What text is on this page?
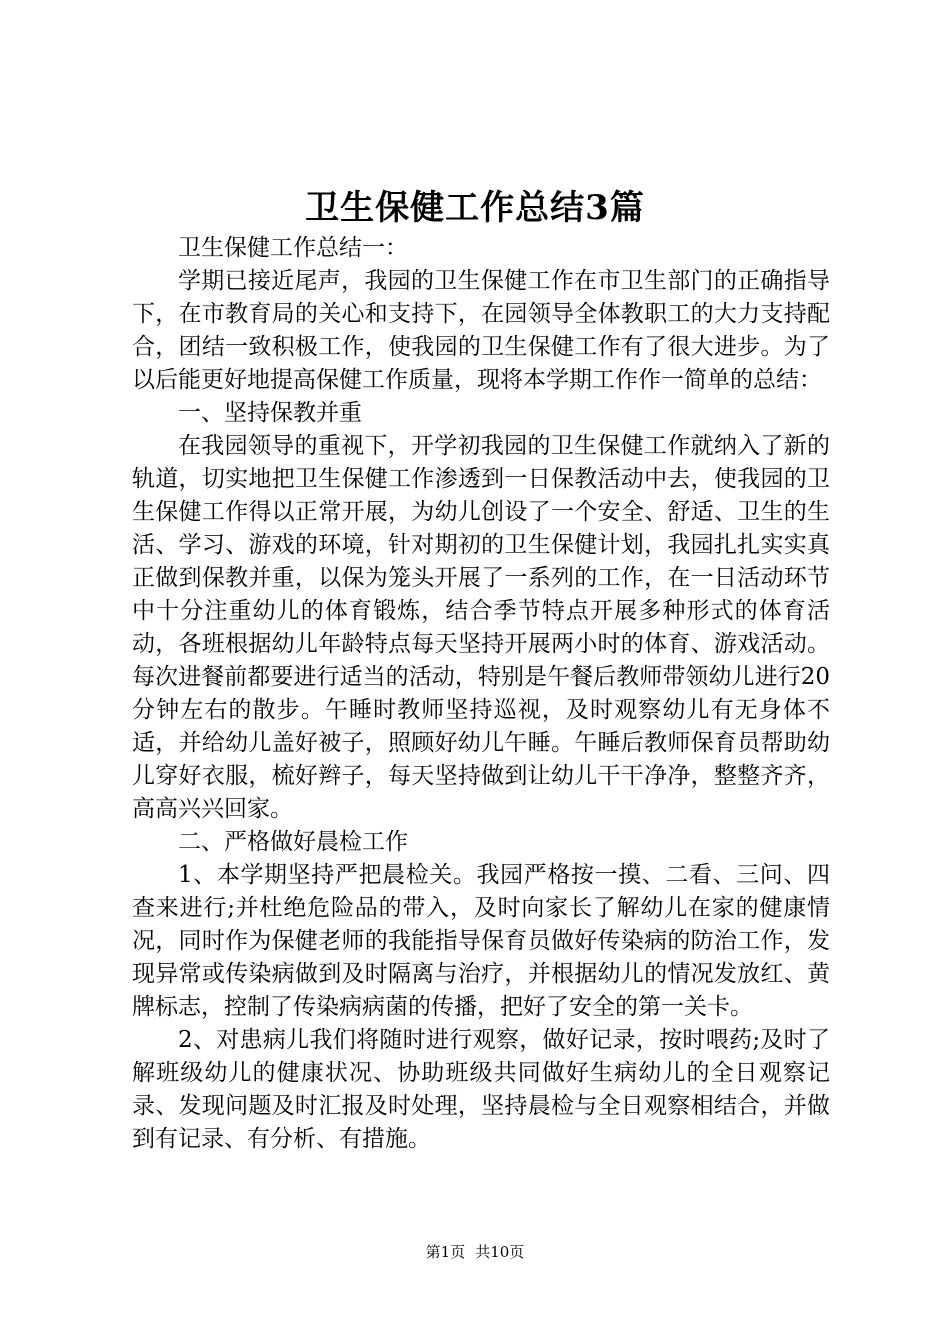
卫生保健工作总结3篇

卫生保健工作总结一：

学期已接近尾声，我园的卫生保健工作在市卫生部门的正确指导下，在市教育局的关心和支持下，在园领导全体教职工的大力支持配合，团结一致积极工作，使我园的卫生保健工作有了很大进步。为了以后能更好地提高保健工作质量，现将本学期工作作一简单的总结：

一、坚持保教并重

在我园领导的重视下，开学初我园的卫生保健工作就纳入了新的轨道，切实地把卫生保健工作渗透到一日保教活动中去，使我园的卫生保健工作得以正常开展，为幼儿创设了一个安全、舒适、卫生的生活、学习、游戏的环境，针对期初的卫生保健计划，我园扎扎实实真正做到保教并重，以保为笼头开展了一系列的工作，在一日活动环节中十分注重幼儿的体育锻炼，结合季节特点开展多种形式的体育活动，各班根据幼儿年龄特点每天坚持开展两小时的体育、游戏活动。每次进餐前都要进行适当的活动，特别是午餐后教师带领幼儿进行20分钟左右的散步。午睡时教师坚持巡视，及时观察幼儿有无身体不适，并给幼儿盖好被子，照顾好幼儿午睡。午睡后教师保育员帮助幼儿穿好衣服，梳好辫子，每天坚持做到让幼儿干干净净，整整齐齐，高高兴兴回家。

二、严格做好晨检工作

1、本学期坚持严把晨检关。我园严格按一摸、二看、三问、四查来进行;并杜绝危险品的带入，及时向家长了解幼儿在家的健康情况，同时作为保健老师的我能指导保育员做好传染病的防治工作，发现异常或传染病做到及时隔离与治疗，并根据幼儿的情况发放红、黄牌标志，控制了传染病病菌的传播，把好了安全的第一关卡。

2、对患病儿我们将随时进行观察，做好记录，按时喂药;及时了解班级幼儿的健康状况、协助班级共同做好生病幼儿的全日观察记录、发现问题及时汇报及时处理，坚持晨检与全日观察相结合，并做到有记录、有分析、有措施。

第1页 共10页
